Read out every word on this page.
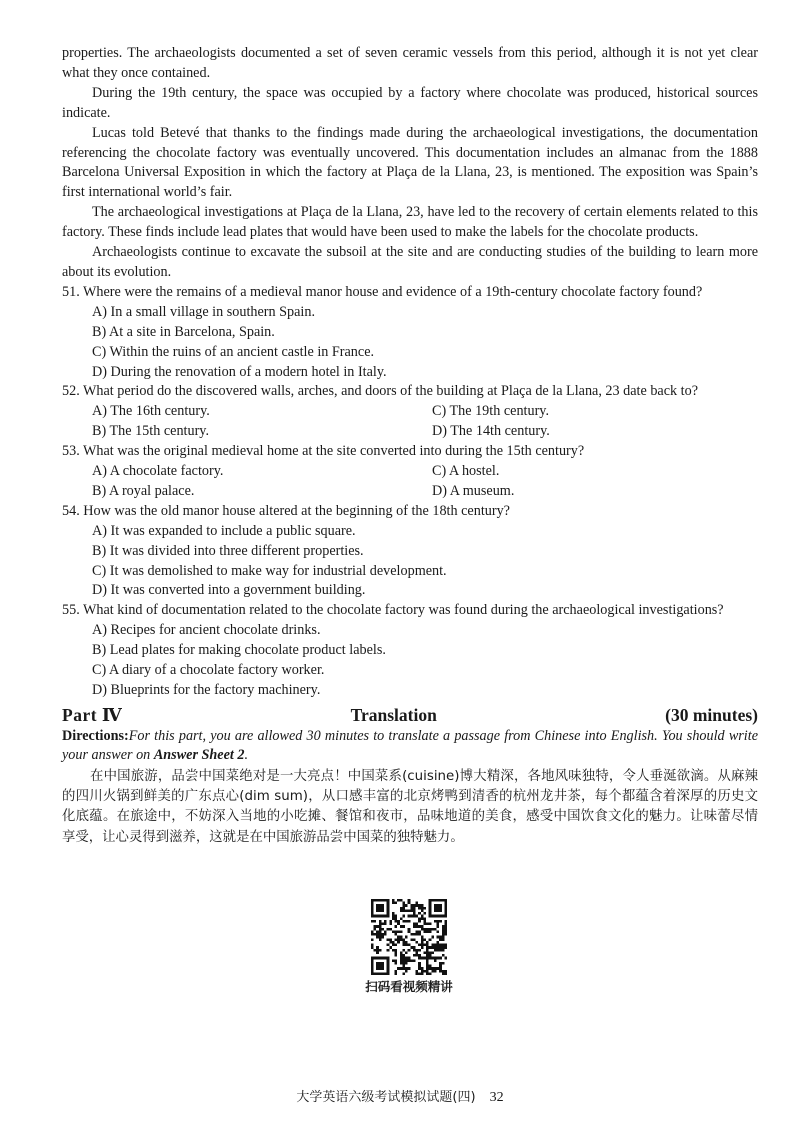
properties. The archaeologists documented a set of seven ceramic vessels from this period, although it is not yet clear what they once contained.

During the 19th century, the space was occupied by a factory where chocolate was produced, historical sources indicate.

Lucas told Betevé that thanks to the findings made during the archaeological investigations, the documentation referencing the chocolate factory was eventually uncovered. This documentation includes an almanac from the 1888 Barcelona Universal Exposition in which the factory at Plaça de la Llana, 23, is mentioned. The exposition was Spain’s first international world’s fair.

The archaeological investigations at Plaça de la Llana, 23, have led to the recovery of certain elements related to this factory. These finds include lead plates that would have been used to make the labels for the chocolate products.

Archaeologists continue to excavate the subsoil at the site and are conducting studies of the building to learn more about its evolution.

51. Where were the remains of a medieval manor house and evidence of a 19th-century chocolate factory found?

A) In a small village in southern Spain.

B) At a site in Barcelona, Spain.

C) Within the ruins of an ancient castle in France.

D) During the renovation of a modern hotel in Italy.

52. What period do the discovered walls, arches, and doors of the building at Plaça de la Llana, 23 date back to?

A) The 16th century.	C) The 19th century.
B) The 15th century.	D) The 14th century.

53. What was the original medieval home at the site converted into during the 15th century?

A) A chocolate factory.	C) A hostel.
B) A royal palace.	D) A museum.

54. How was the old manor house altered at the beginning of the 18th century?

A) It was expanded to include a public square.

B) It was divided into three different properties.

C) It was demolished to make way for industrial development.

D) It was converted into a government building.

55. What kind of documentation related to the chocolate factory was found during the archaeological investigations?

A) Recipes for ancient chocolate drinks.

B) Lead plates for making chocolate product labels.

C) A diary of a chocolate factory worker.

D) Blueprints for the factory machinery.

Part Ⅳ	Translation	(30 minutes)

Directions:For this part, you are allowed 30 minutes to translate a passage from Chinese into English. You should write your answer on Answer Sheet 2.

在中国旅游，品尝中国菜绝对是一大亮点！中国菜系(cuisine)博大精深，各地风味独特，令人垂涎欲滴。从麻辣的四川火锅到鲜美的广东点心(dim sum)，从口感丰富的北京烤鸭到清香的杭州龙井茶，每个都蕴含着深厚的历史文化底蕴。在旅途中，不妨深入当地的小吃摊、餐馆和夜市，品味地道的美食，感受中国饮食文化的魅力。让味蕾尽情享受，让心灵得到滋养，这就是在中国旅游品尝中国菜的独特魅力。

扫码看视频精讲
大学英语六级考试模拟试题(四) 32
